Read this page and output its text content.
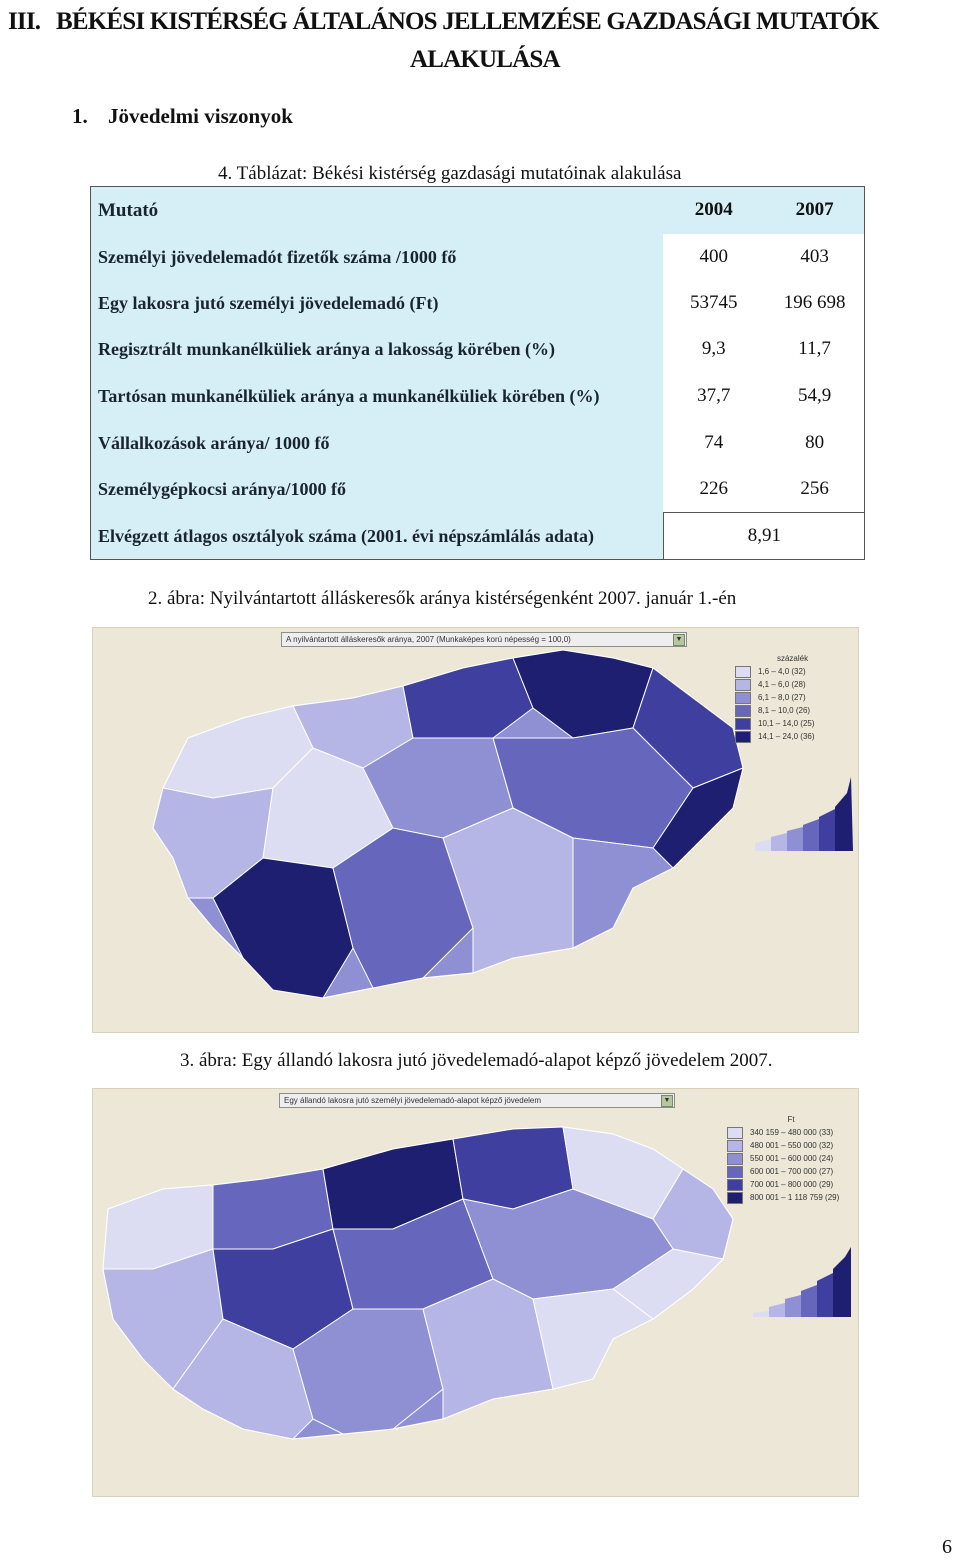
III. BÉKÉSI KISTÉRSÉG ÁLTALÁNOS JELLEMZÉSE GAZDASÁGI MUTATÓK
ALAKULÁSA
1. Jövedelmi viszonyok
4. Táblázat: Békési kistérség gazdasági mutatóinak alakulása
Mutató	2004	2007
Személyi jövedelemadót fizetők száma /1000 fő	400	403
Egy lakosra jutó személyi jövedelemadó (Ft)	53745	196 698
Regisztrált munkanélküliek aránya a lakosság körében (%)	9,3	11,7
Tartósan munkanélküliek aránya a munkanélküliek körében (%)	37,7	54,9
Vállalkozások aránya/ 1000 fő	74	80
Személygépkocsi aránya/1000 fő	226	256
Elvégzett átlagos osztályok száma (2001. évi népszámlálás adata)	8,91	
2. ábra: Nyilvántartott álláskeresők aránya kistérségenként 2007. január 1.-én
A nyilvántartott álláskeresők aránya, 2007 (Munkaképes korú népesség = 100,0)	▼
százalék
1,6 – 4,0
(32)
4,1 – 6,0
(28)
6,1 – 8,0
(27)
8,1 – 10,0
(26)
10,1 – 14,0
(25)
14,1 – 24,0
(36)
3. ábra: Egy állandó lakosra jutó jövedelemadó-alapot képző jövedelem 2007.
Egy állandó lakosra jutó személyi jövedelemadó-alapot képző jövedelem	▼
Ft
340 159 – 480 000
(33)
480 001 – 550 000
(32)
550 001 – 600 000
(24)
600 001 – 700 000
(27)
700 001 – 800 000
(29)
800 001 – 1 118 759
(29)
6
